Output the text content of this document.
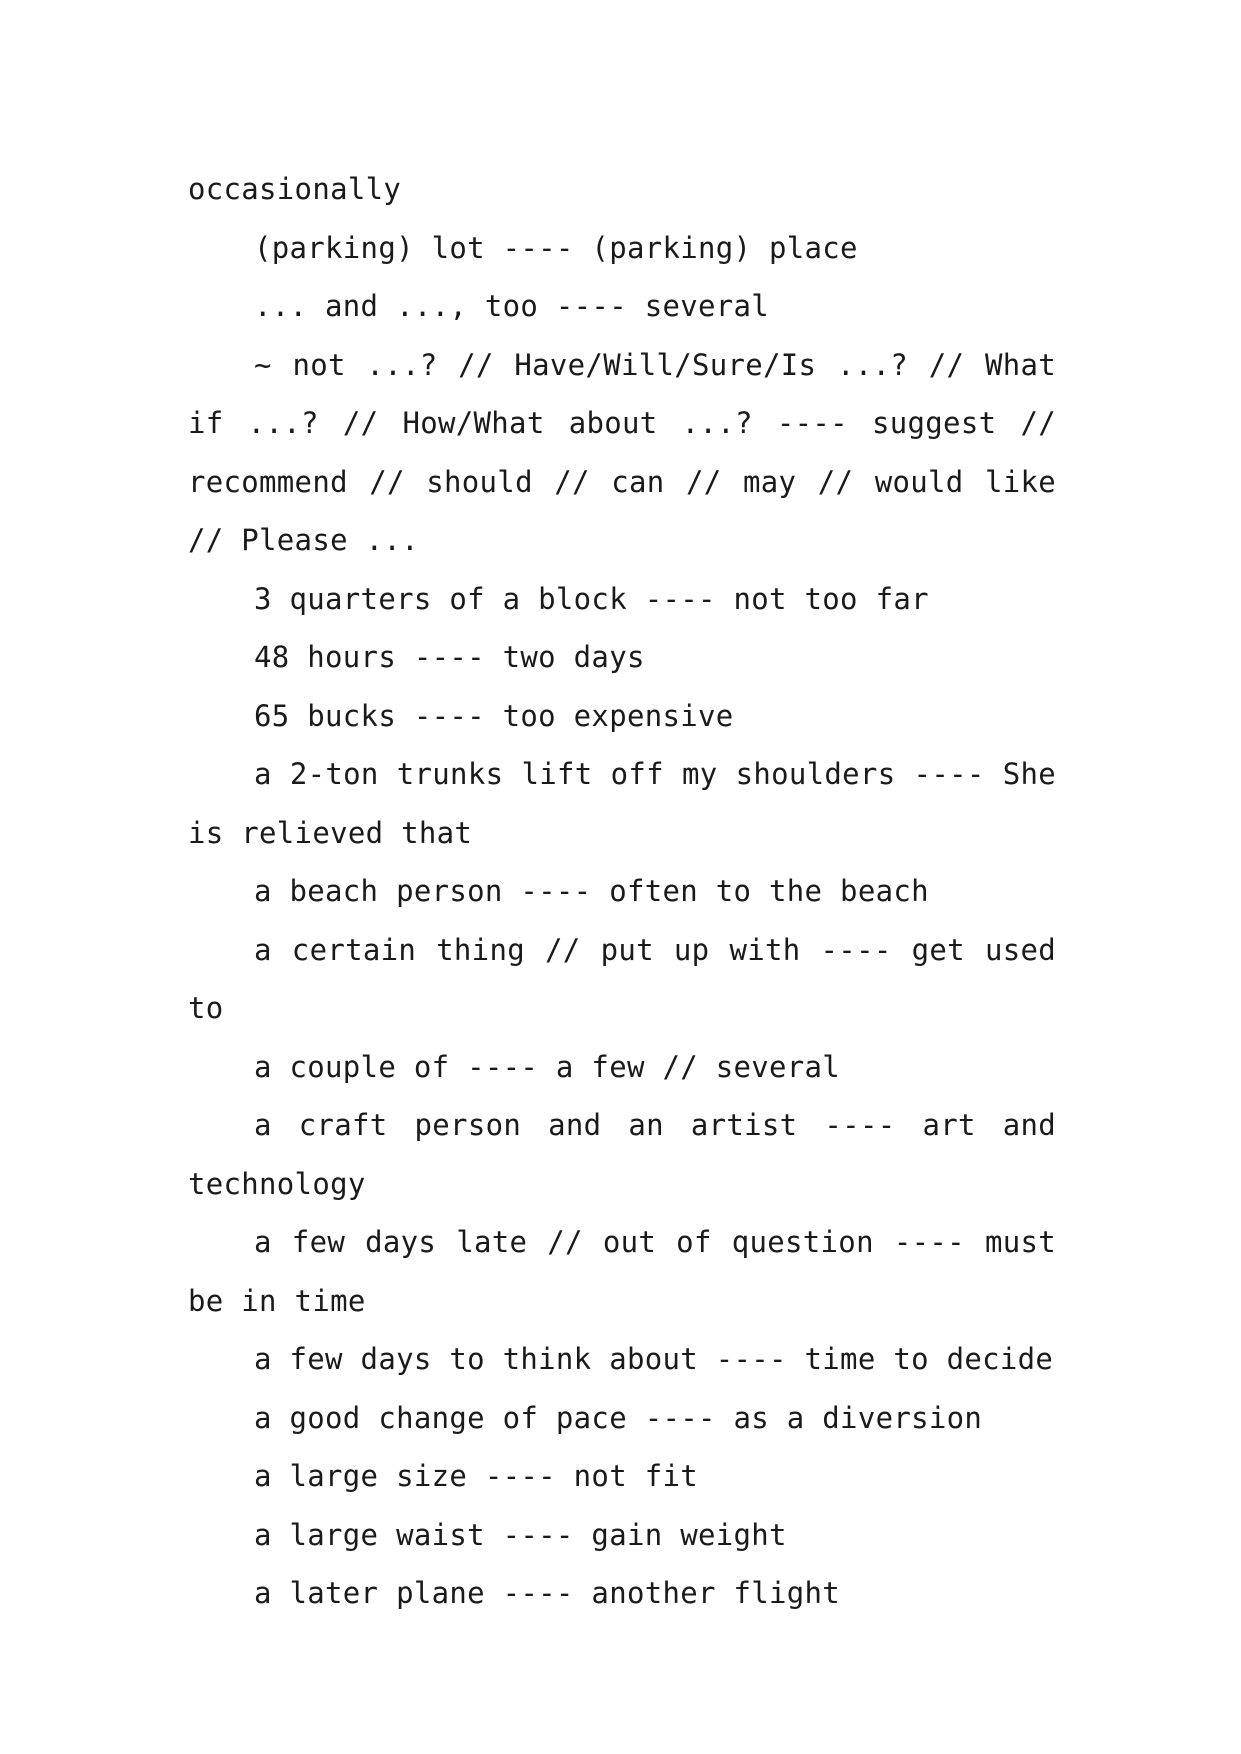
occasionally

(parking) lot ---- (parking) place

... and ..., too ---- several

~ not ...? // Have/Will/Sure/Is ...? // What if ...? // How/What about ...? ---- suggest // recommend // should // can // may // would like // Please ...

3 quarters of a block ---- not too far

48 hours ---- two days

65 bucks ---- too expensive

a 2-ton trunks lift off my shoulders ---- She is relieved that

a beach person ---- often to the beach

a certain thing // put up with ---- get used to

a couple of ---- a few // several

a craft person and an artist ---- art and technology

a few days late // out of question ---- must be in time

a few days to think about ---- time to decide

a good change of pace ---- as a diversion

a large size ---- not fit

a large waist ---- gain weight

a later plane ---- another flight
